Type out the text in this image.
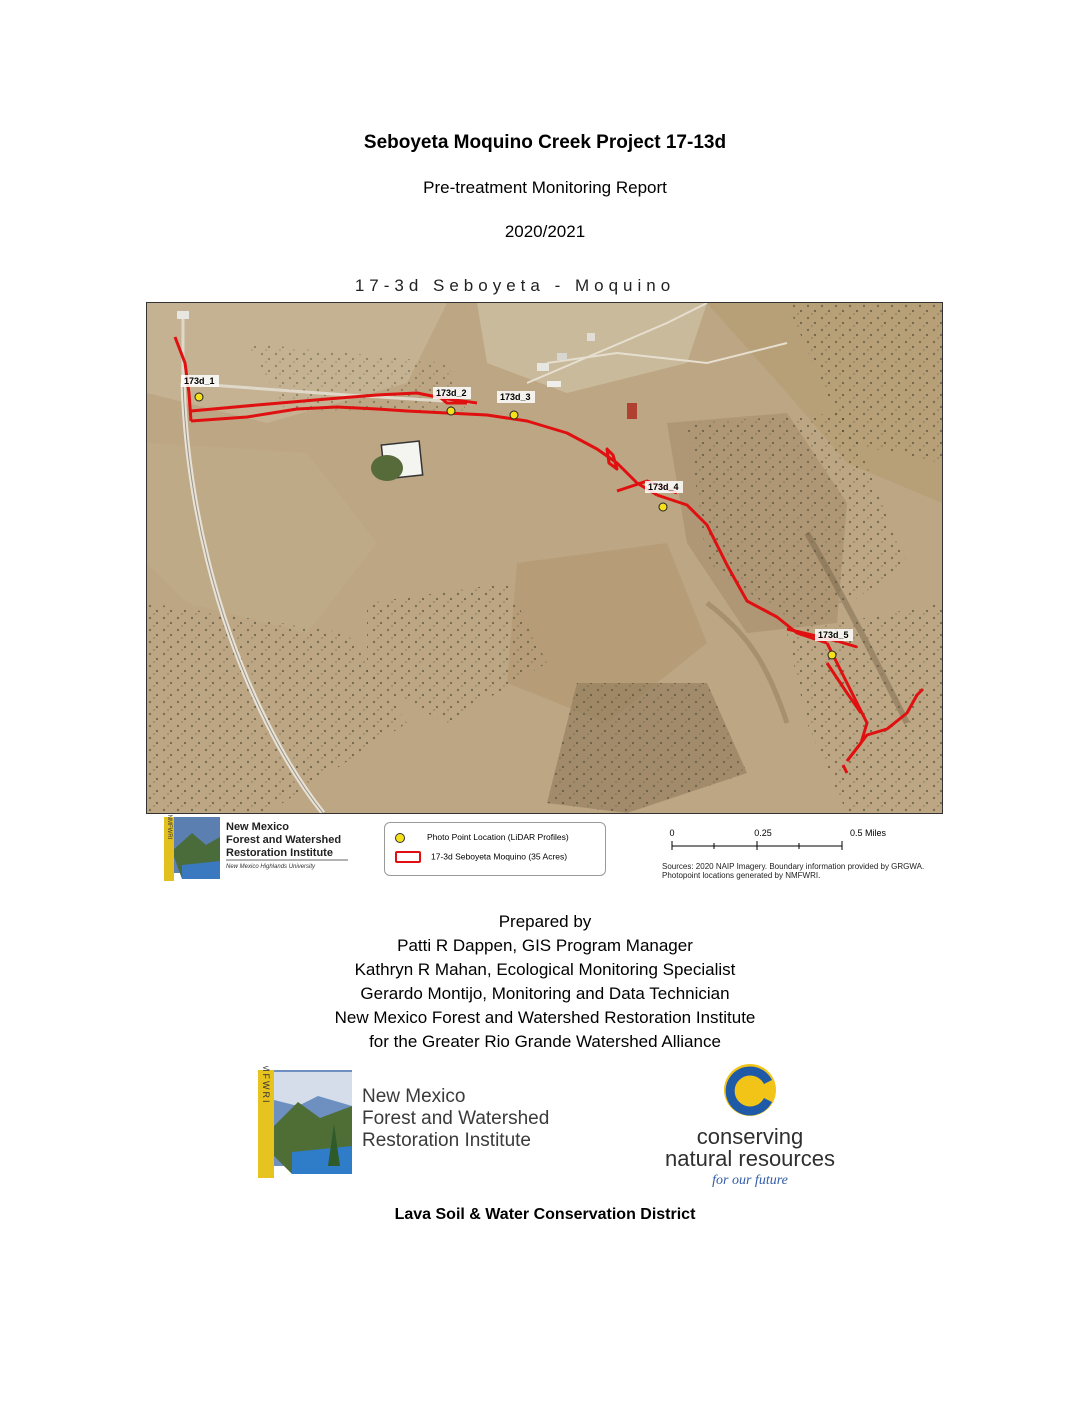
Seboyeta Moquino Creek Project 17-13d
Pre-treatment Monitoring Report
2020/2021
17-3d Seboyeta - Moquino
173d_1
173d_2	173d_3
173d_4
173d_5
NMFWRI	New Mexico
Forest and Watershed
Restoration Institute
New Mexico Highlands University
Photo Point Location (LiDAR Profiles)
17-3d Seboyeta Moquino (35 Acres)
0	0.25	0.5 Miles
Sources: 2020 NAIP Imagery. Boundary information provided by GRGWA.
Photopoint locations generated by NMFWRI.
Prepared by
Patti R Dappen, GIS Program Manager
Kathryn R Mahan, Ecological Monitoring Specialist
Gerardo Montijo, Monitoring and Data Technician
New Mexico Forest and Watershed Restoration Institute
for the Greater Rio Grande Watershed Alliance
NMFWRI	New Mexico
Forest and Watershed
Restoration Institute	conserving
natural resources
for our future
Lava Soil & Water Conservation District
